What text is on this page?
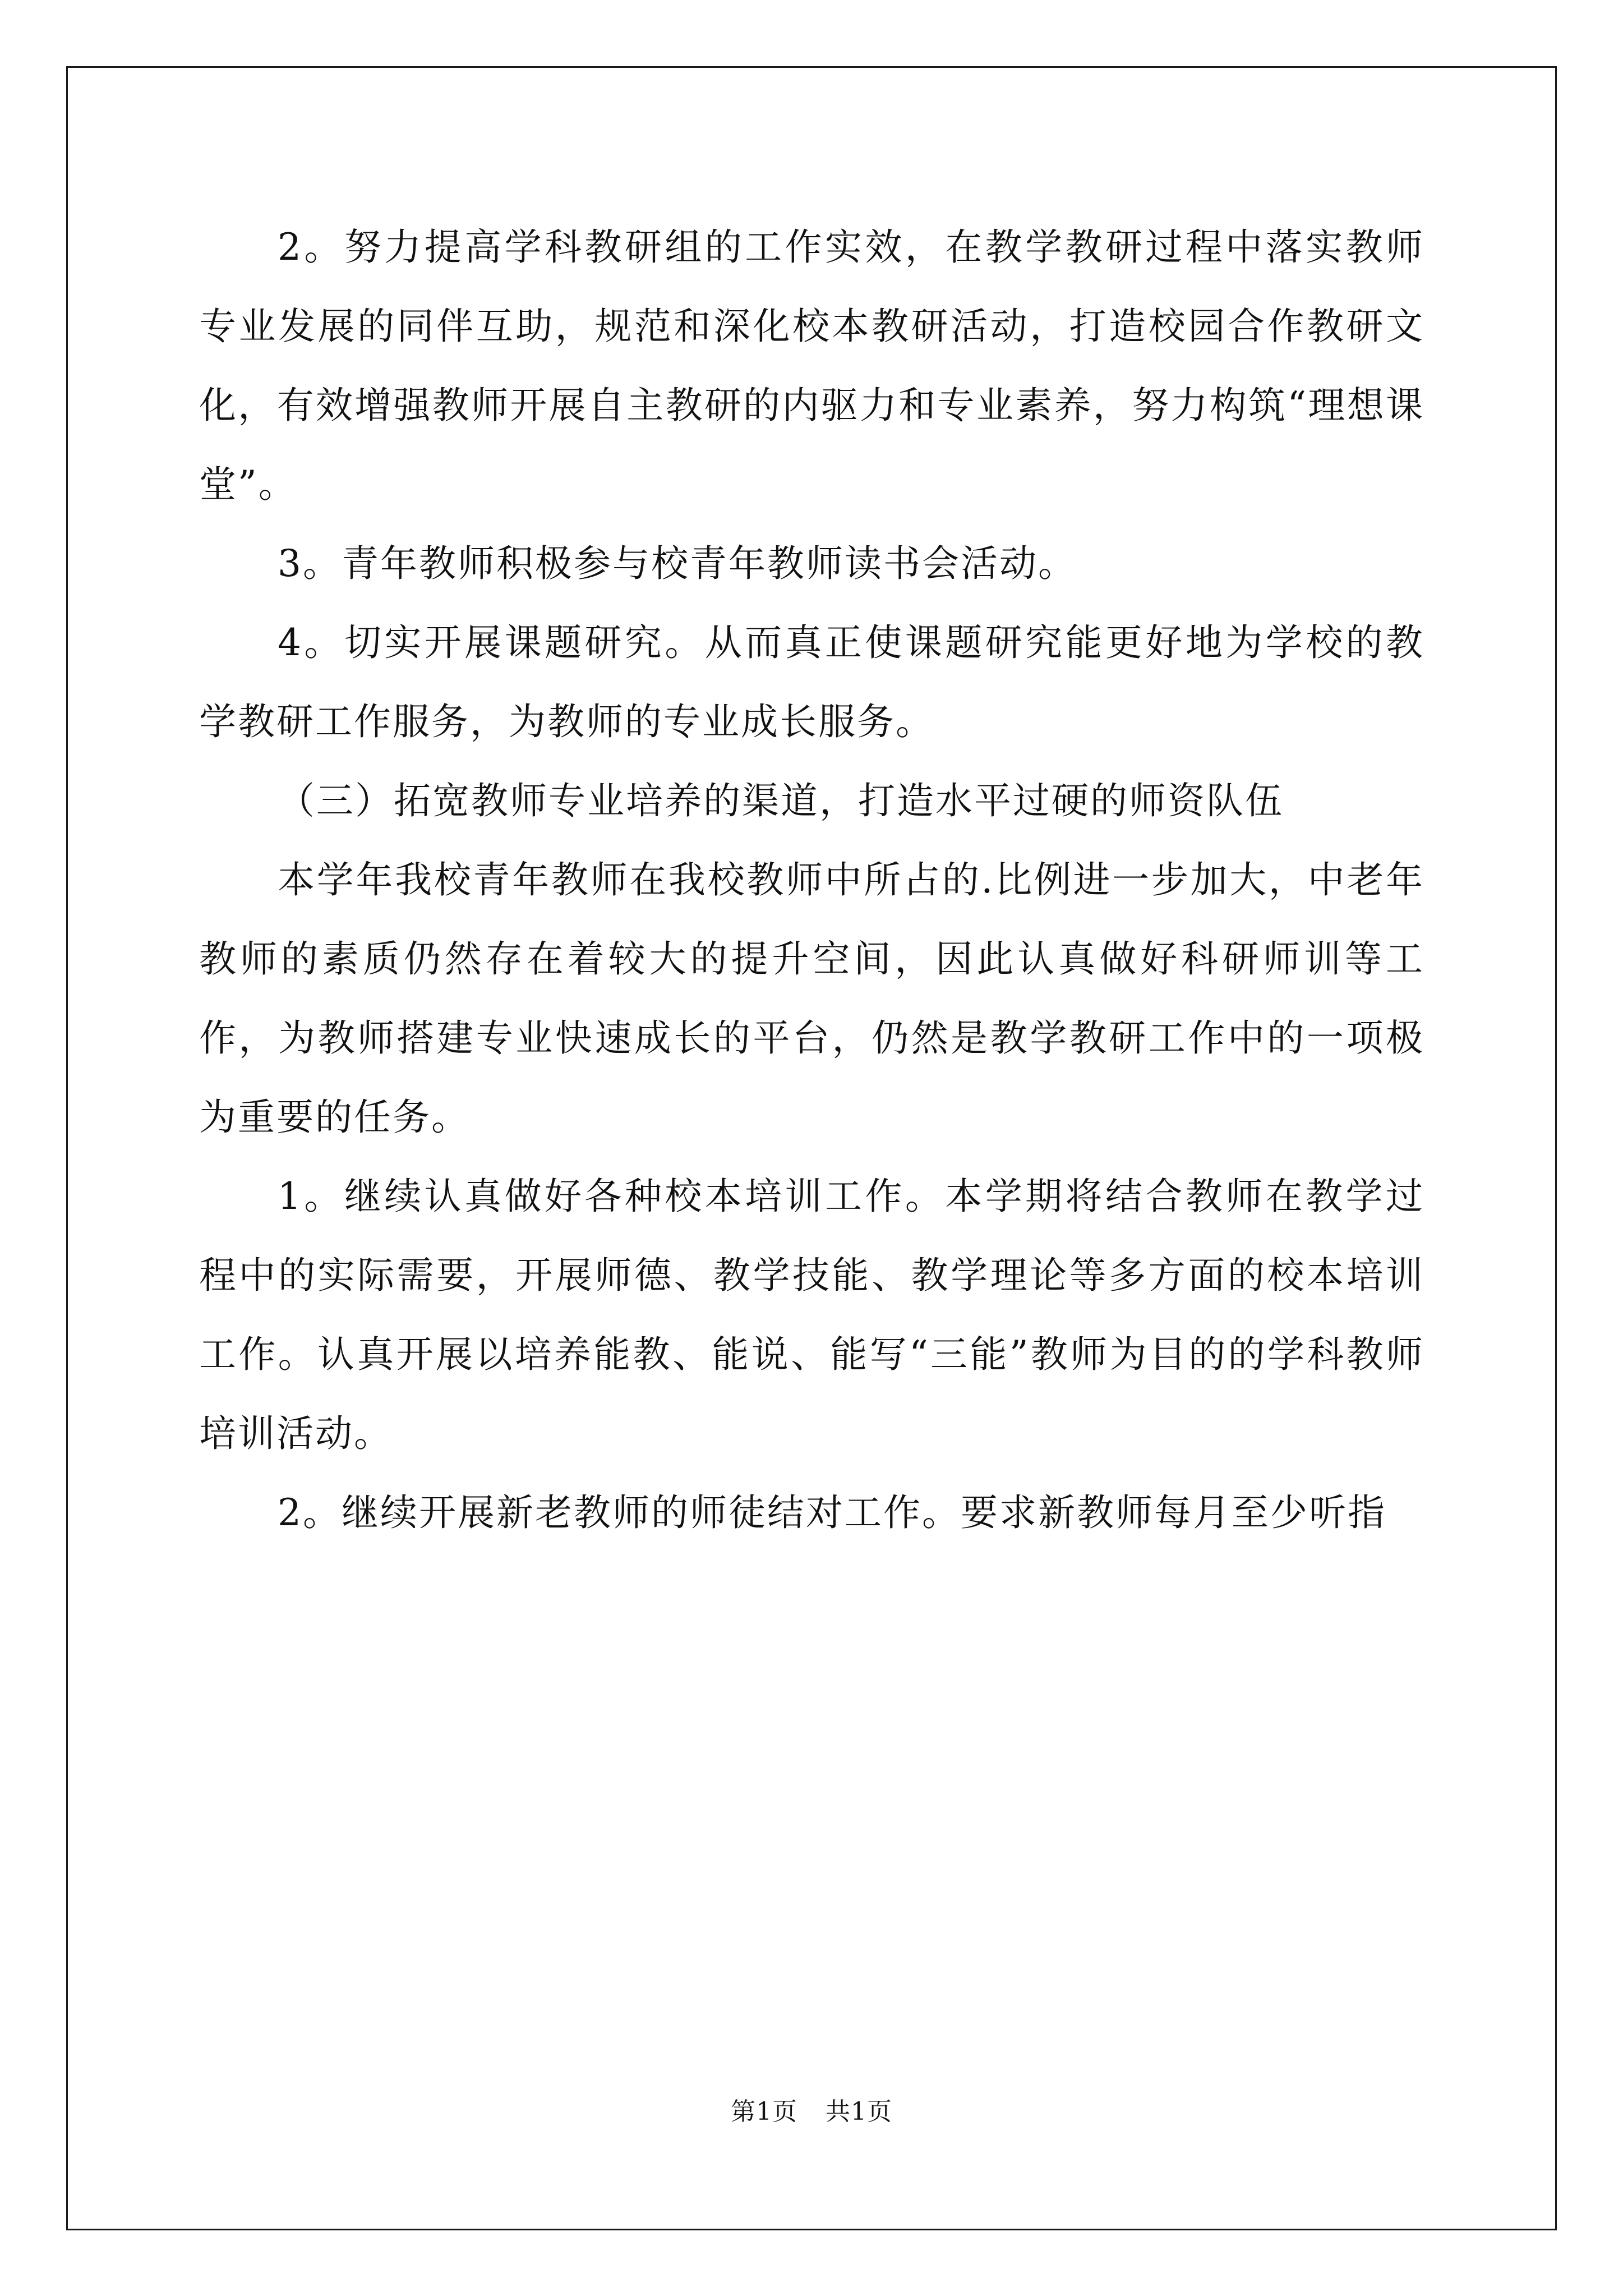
2。努力提高学科教研组的工作实效，在教学教研过程中落实教师专业发展的同伴互助，规范和深化校本教研活动，打造校园合作教研文化，有效增强教师开展自主教研的内驱力和专业素养，努力构筑“理想课堂”。

3。青年教师积极参与校青年教师读书会活动。

4。切实开展课题研究。从而真正使课题研究能更好地为学校的教学教研工作服务，为教师的专业成长服务。

（三）拓宽教师专业培养的渠道，打造水平过硬的师资队伍

本学年我校青年教师在我校教师中所占的.比例进一步加大，中老年教师的素质仍然存在着较大的提升空间，因此认真做好科研师训等工作，为教师搭建专业快速成长的平台，仍然是教学教研工作中的一项极为重要的任务。

1。继续认真做好各种校本培训工作。本学期将结合教师在教学过程中的实际需要，开展师德、教学技能、教学理论等多方面的校本培训工作。认真开展以培养能教、能说、能写“三能”教师为目的的学科教师培训活动。

2。继续开展新老教师的师徒结对工作。要求新教师每月至少听指

第1页 共1页
